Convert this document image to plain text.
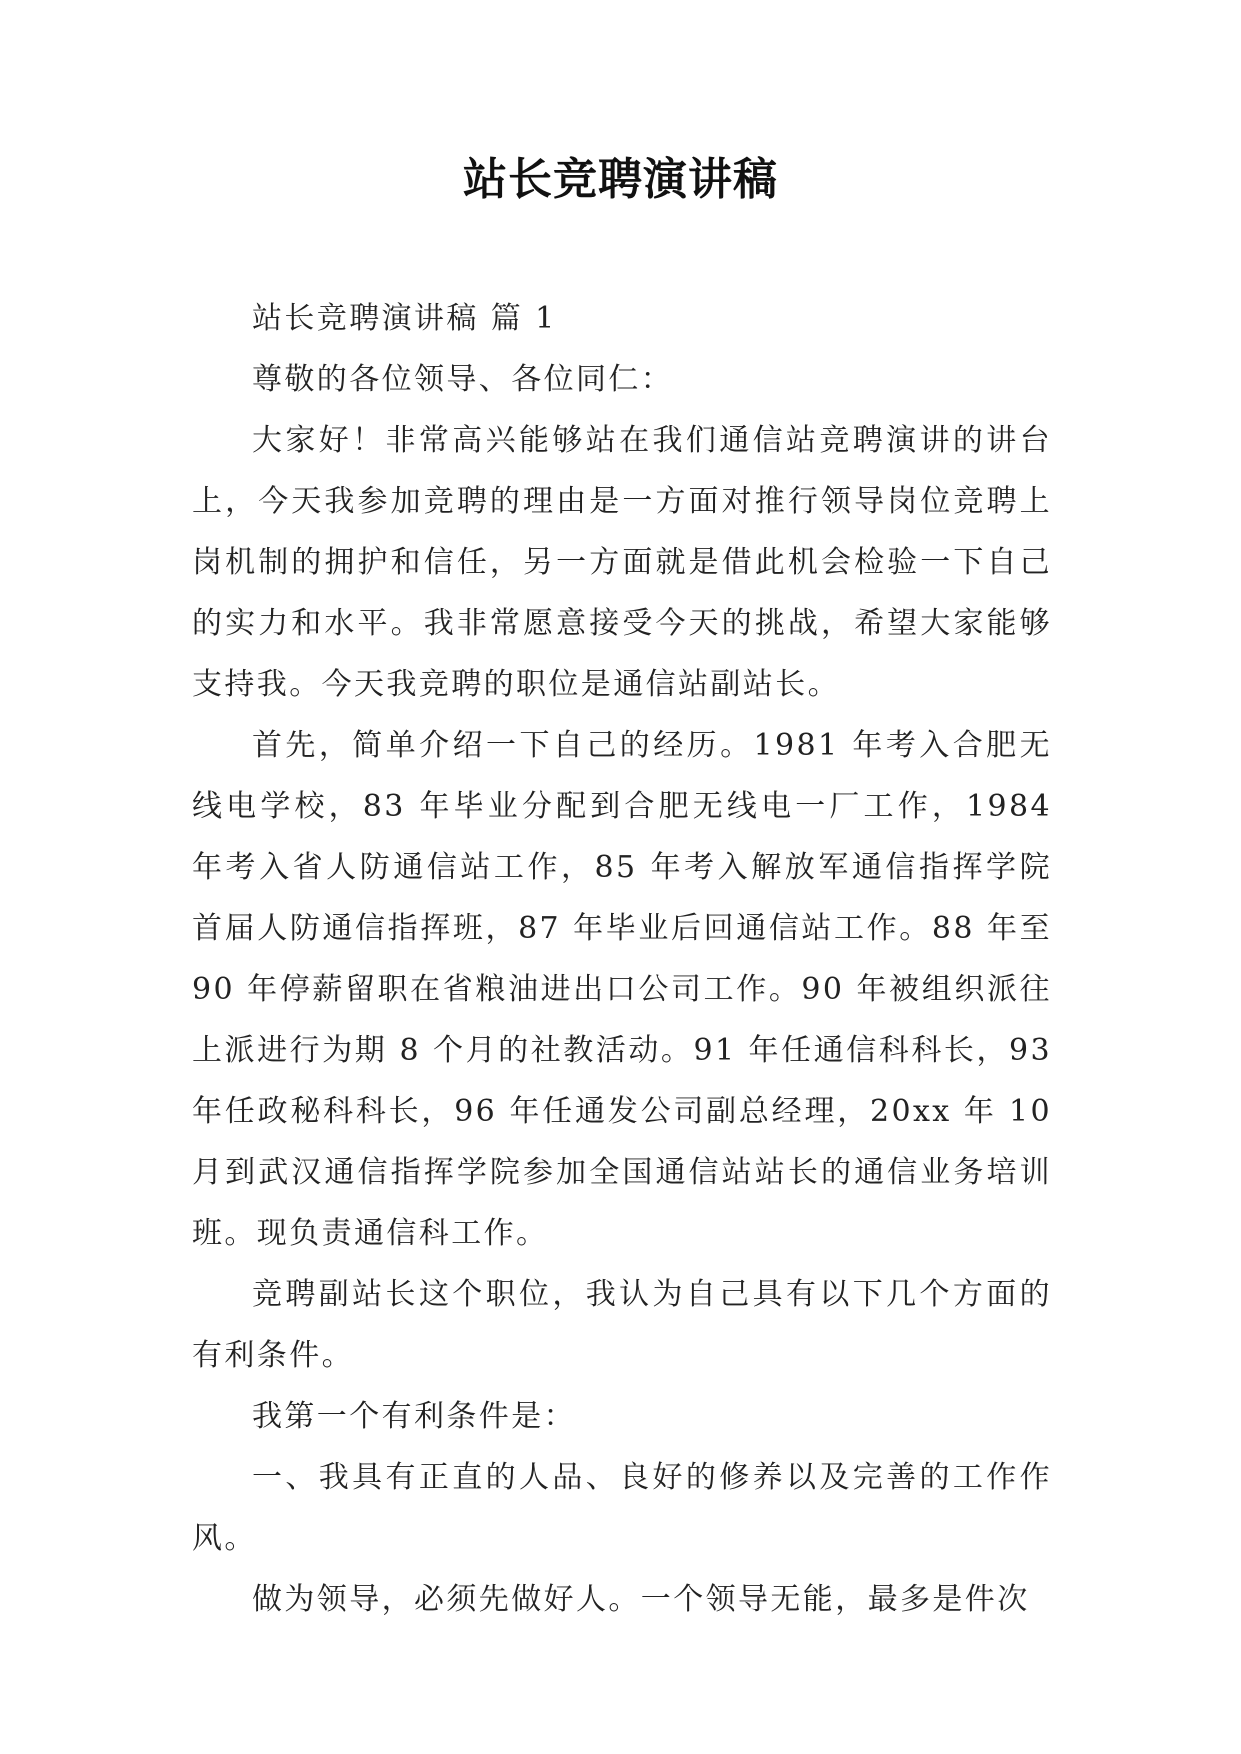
站长竞聘演讲稿

站长竞聘演讲稿 篇 1

尊敬的各位领导、各位同仁：

大家好！非常高兴能够站在我们通信站竞聘演讲的讲台上，今天我参加竞聘的理由是一方面对推行领导岗位竞聘上岗机制的拥护和信任，另一方面就是借此机会检验一下自己的实力和水平。我非常愿意接受今天的挑战，希望大家能够支持我。今天我竞聘的职位是通信站副站长。

首先，简单介绍一下自己的经历。1981 年考入合肥无线电学校，83 年毕业分配到合肥无线电一厂工作，1984 年考入省人防通信站工作，85 年考入解放军通信指挥学院首届人防通信指挥班，87 年毕业后回通信站工作。88 年至 90 年停薪留职在省粮油进出口公司工作。90 年被组织派往上派进行为期 8 个月的社教活动。91 年任通信科科长，93 年任政秘科科长，96 年任通发公司副总经理，20xx 年 10 月到武汉通信指挥学院参加全国通信站站长的通信业务培训班。现负责通信科工作。

竞聘副站长这个职位，我认为自己具有以下几个方面的有利条件。

我第一个有利条件是：

一、我具有正直的人品、良好的修养以及完善的工作作风。

做为领导，必须先做好人。一个领导无能，最多是件次
